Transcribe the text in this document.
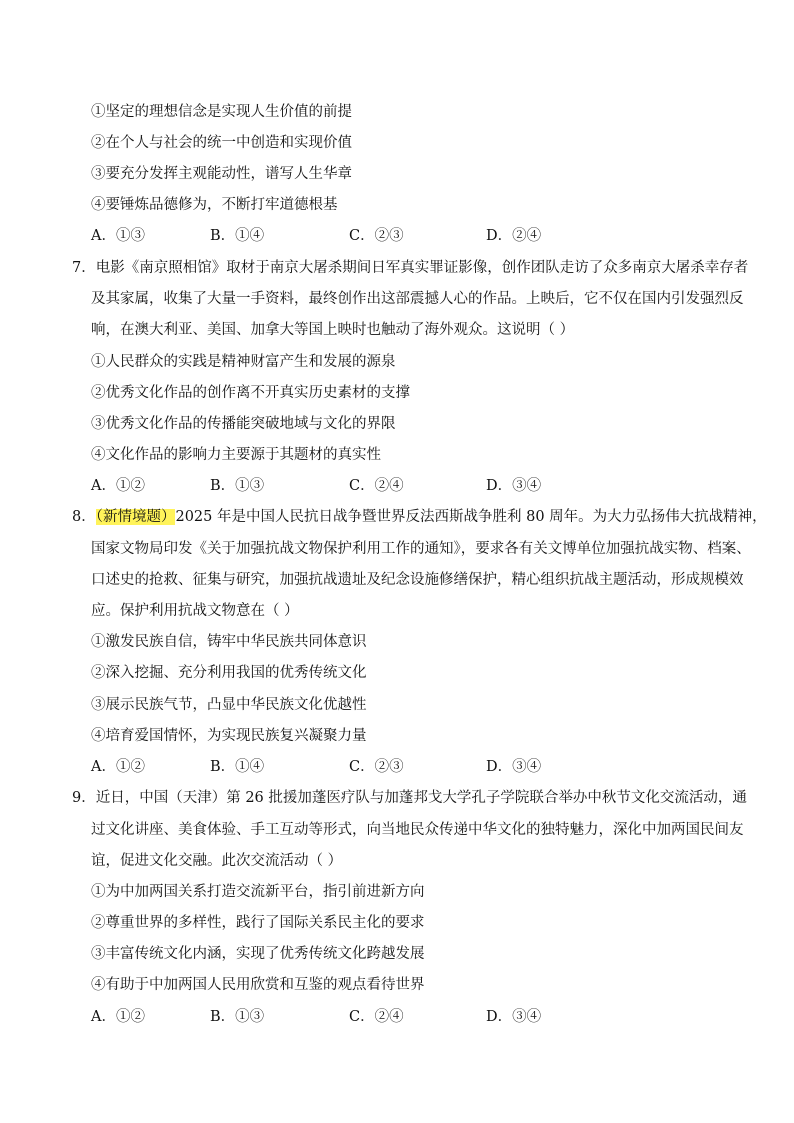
①坚定的理想信念是实现人生价值的前提
②在个人与社会的统一中创造和实现价值
③要充分发挥主观能动性，谱写人生华章
④要锤炼品德修为，不断打牢道德根基
A．①③	B．①④	C．②③	D．②④
7．电影《南京照相馆》取材于南京大屠杀期间日军真实罪证影像，创作团队走访了众多南京大屠杀幸存者
及其家属，收集了大量一手资料，最终创作出这部震撼人心的作品。上映后，它不仅在国内引发强烈反
响，在澳大利亚、美国、加拿大等国上映时也触动了海外观众。这说明（ ）
①人民群众的实践是精神财富产生和发展的源泉
②优秀文化作品的创作离不开真实历史素材的支撑
③优秀文化作品的传播能突破地域与文化的界限
④文化作品的影响力主要源于其题材的真实性
A．①②	B．①③	C．②④	D．③④
8．（新情境题）2025 年是中国人民抗日战争暨世界反法西斯战争胜利 80 周年。为大力弘扬伟大抗战精神，
国家文物局印发《关于加强抗战文物保护利用工作的通知》，要求各有关文博单位加强抗战实物、档案、
口述史的抢救、征集与研究，加强抗战遗址及纪念设施修缮保护，精心组织抗战主题活动，形成规模效
应。保护利用抗战文物意在（ ）
①激发民族自信，铸牢中华民族共同体意识
②深入挖掘、充分利用我国的优秀传统文化
③展示民族气节，凸显中华民族文化优越性
④培育爱国情怀，为实现民族复兴凝聚力量
A．①②	B．①④	C．②③	D．③④
9．近日，中国（天津）第 26 批援加蓬医疗队与加蓬邦戈大学孔子学院联合举办中秋节文化交流活动，通
过文化讲座、美食体验、手工互动等形式，向当地民众传递中华文化的独特魅力，深化中加两国民间友
谊，促进文化交融。此次交流活动（ ）
①为中加两国关系打造交流新平台，指引前进新方向
②尊重世界的多样性，践行了国际关系民主化的要求
③丰富传统文化内涵，实现了优秀传统文化跨越发展
④有助于中加两国人民用欣赏和互鉴的观点看待世界
A．①②	B．①③	C．②④	D．③④
